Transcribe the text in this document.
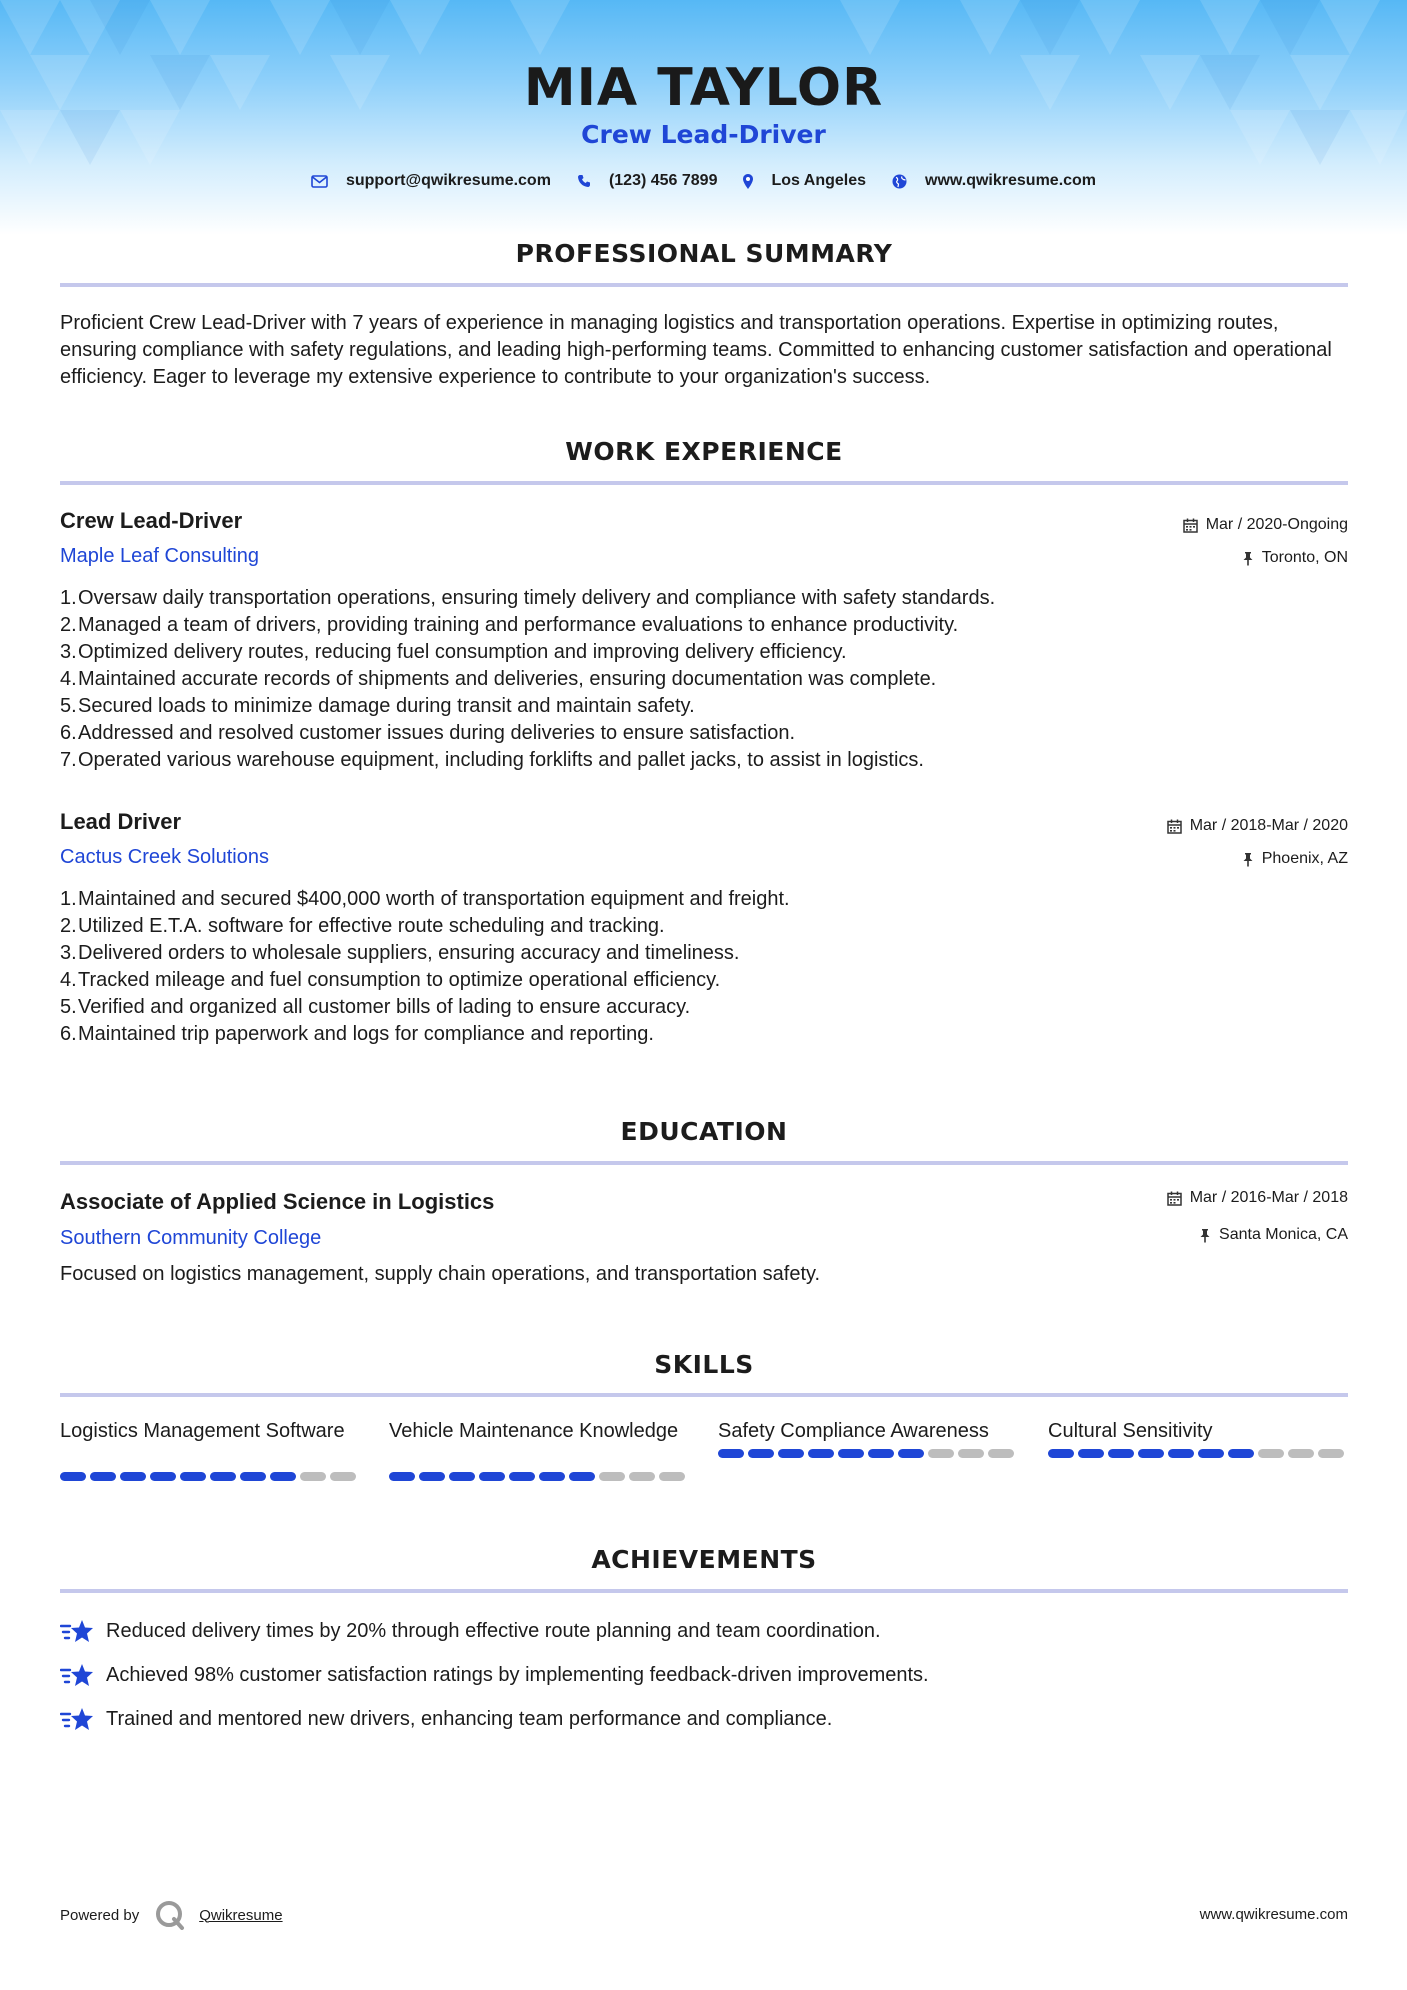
MIA TAYLOR
Crew Lead-Driver
support@qwikresume.com	(123) 456 7899	Los Angeles	www.qwikresume.com
PROFESSIONAL SUMMARY
Proficient Crew Lead-Driver with 7 years of experience in managing logistics and transportation operations. Expertise in optimizing routes, ensuring compliance with safety regulations, and leading high-performing teams. Committed to enhancing customer satisfaction and operational efficiency. Eager to leverage my extensive experience to contribute to your organization's success.
WORK EXPERIENCE
Crew Lead-Driver
Maple Leaf Consulting
Mar / 2020-Ongoing
Toronto, ON
1. Oversaw daily transportation operations, ensuring timely delivery and compliance with safety standards.
2. Managed a team of drivers, providing training and performance evaluations to enhance productivity.
3. Optimized delivery routes, reducing fuel consumption and improving delivery efficiency.
4. Maintained accurate records of shipments and deliveries, ensuring documentation was complete.
5. Secured loads to minimize damage during transit and maintain safety.
6. Addressed and resolved customer issues during deliveries to ensure satisfaction.
7. Operated various warehouse equipment, including forklifts and pallet jacks, to assist in logistics.
Lead Driver
Cactus Creek Solutions
Mar / 2018-Mar / 2020
Phoenix, AZ
1. Maintained and secured $400,000 worth of transportation equipment and freight.
2. Utilized E.T.A. software for effective route scheduling and tracking.
3. Delivered orders to wholesale suppliers, ensuring accuracy and timeliness.
4. Tracked mileage and fuel consumption to optimize operational efficiency.
5. Verified and organized all customer bills of lading to ensure accuracy.
6. Maintained trip paperwork and logs for compliance and reporting.
EDUCATION
Associate of Applied Science in Logistics
Southern Community College
Mar / 2016-Mar / 2018
Santa Monica, CA
Focused on logistics management, supply chain operations, and transportation safety.
SKILLS
Logistics Management Software	Vehicle Maintenance Knowledge	Safety Compliance Awareness	Cultural Sensitivity
ACHIEVEMENTS
Reduced delivery times by 20% through effective route planning and team coordination.
Achieved 98% customer satisfaction ratings by implementing feedback-driven improvements.
Trained and mentored new drivers, enhancing team performance and compliance.
Powered by	Qwikresume	www.qwikresume.com
